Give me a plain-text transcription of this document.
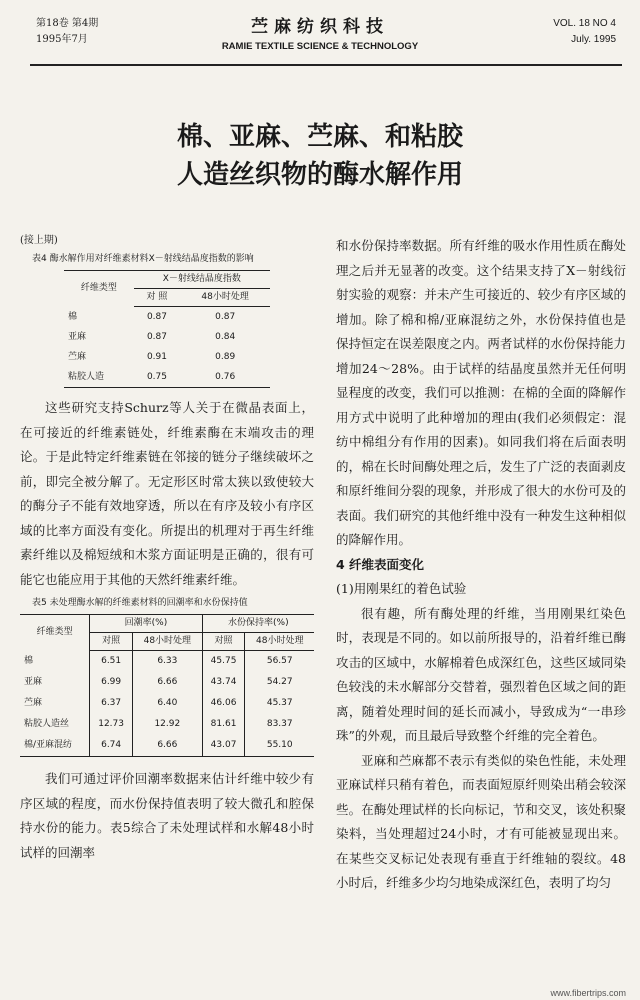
第18卷 第4期
1995年7月
苎麻纺织科技
RAMIE TEXTILE SCIENCE & TECHNOLOGY
VOL. 18 NO 4
July. 1995
棉、亚麻、苎麻、和粘胶
人造丝织物的酶水解作用

(接上期)

表4 酶水解作用对纤维素材料X－射线结晶度指数的影响
纤维类型	X－射线结晶度指数	
	对 照	48小时处理
棉	0.87	0.87
亚麻	0.87	0.84
苎麻	0.91	0.89
粘胶人造	0.75	0.76

这些研究支持Schurz等人关于在微晶表面上，在可接近的纤维素链处，纤维素酶在末端攻击的理论。于是此特定纤维素链在邻接的链分子继续破坏之前，即完全被分解了。无定形区时常太狭以致使较大的酶分子不能有效地穿透，所以在有序及较小有序区域的比率方面没有变化。所提出的机理对于再生纤维素纤维以及棉短绒和木浆方面证明是正确的，很有可能它也能应用于其他的天然纤维素纤维。

表5 未处理酶水解的纤维素材料的回潮率和水份保持值
纤维类型	回潮率(%)		水份保持率(%)	
	对照	48小时处理	对照	48小时处理
棉	6.51	6.33	45.75	56.57
亚麻	6.99	6.66	43.74	54.27
苎麻	6.37	6.40	46.06	45.37
粘胶人造丝	12.73	12.92	81.61	83.37
棉/亚麻混纺	6.74	6.66	43.07	55.10

我们可通过评价回潮率数据来估计纤维中较少有序区域的程度，而水份保持值表明了较大微孔和腔保持水份的能力。表5综合了未处理试样和水解48小时试样的回潮率

和水份保持率数据。所有纤维的吸水作用性质在酶处理之后并无显著的改变。这个结果支持了X－射线衍射实验的观察：并未产生可接近的、较少有序区域的增加。除了棉和棉/亚麻混纺之外，水份保持值也是保持恒定在误差限度之内。两者试样的水份保持能力增加24～28%。由于试样的结晶度虽然并无任何明显程度的改变，我们可以推测：在棉的全面的降解作用方式中说明了此种增加的理由(我们必须假定：混纺中棉组分有作用的因素)。如同我们将在后面表明的，棉在长时间酶处理之后，发生了广泛的表面剥皮和原纤维间分裂的现象，并形成了很大的水份可及的表面。我们研究的其他纤维中没有一种发生这种相似的降解作用。

4 纤维表面变化

(1)用刚果红的着色试验

很有趣，所有酶处理的纤维，当用刚果红染色时，表现是不同的。如以前所报导的，沿着纤维已酶攻击的区域中，水解棉着色成深红色，这些区域同染色较浅的未水解部分交替着，强烈着色区域之间的距离，随着处理时间的延长而减小，导致成为“一串珍珠”的外观，而且最后导致整个纤维的完全着色。

亚麻和苎麻都不表示有类似的染色性能，未处理亚麻试样只稍有着色，而表面短原纤则染出稍会较深些。在酶处理试样的长向标记，节和交叉，该处积聚染料，当处理超过24小时，才有可能被显现出来。在某些交叉标记处表现有垂直于纤维轴的裂纹。48小时后，纤维多少均匀地染成深红色，表明了均匀

www.fibertrips.com
